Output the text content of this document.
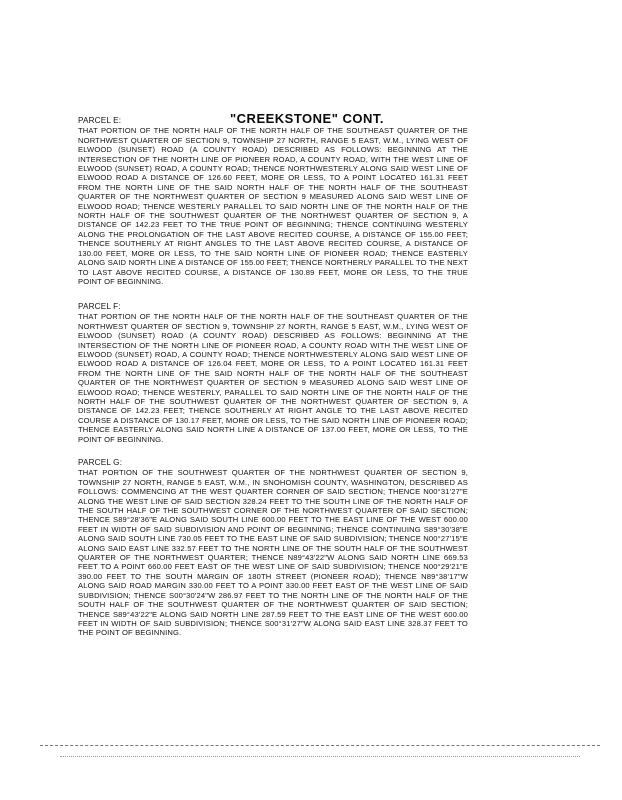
"CREEKSTONE" CONT.
PARCEL E:
THAT PORTION OF THE NORTH HALF OF THE NORTH HALF OF THE SOUTHEAST QUARTER OF THE NORTHWEST QUARTER OF SECTION 9, TOWNSHIP 27 NORTH, RANGE 5 EAST, W.M., LYING WEST OF ELWOOD (SUNSET) ROAD (A COUNTY ROAD) DESCRIBED AS FOLLOWS: BEGINNING AT THE INTERSECTION OF THE NORTH LINE OF PIONEER ROAD, A COUNTY ROAD, WITH THE WEST LINE OF ELWOOD (SUNSET) ROAD, A COUNTY ROAD; THENCE NORTHWESTERLY ALONG SAID WEST LINE OF ELWOOD ROAD A DISTANCE OF 126.60 FEET, MORE OR LESS, TO A POINT LOCATED 161.31 FEET FROM THE NORTH LINE OF THE SAID NORTH HALF OF THE NORTH HALF OF THE SOUTHEAST QUARTER OF THE NORTHWEST QUARTER OF SECTION 9 MEASURED ALONG SAID WEST LINE OF ELWOOD ROAD; THENCE WESTERLY PARALLEL TO SAID NORTH LINE OF THE NORTH HALF OF THE NORTH HALF OF THE SOUTHWEST QUARTER OF THE NORTHWEST QUARTER OF SECTION 9, A DISTANCE OF 142.23 FEET TO THE TRUE POINT OF BEGINNING; THENCE CONTINUING WESTERLY ALONG THE PROLONGATION OF THE LAST ABOVE RECITED COURSE, A DISTANCE OF 155.00 FEET; THENCE SOUTHERLY AT RIGHT ANGLES TO THE LAST ABOVE RECITED COURSE, A DISTANCE OF 130.00 FEET, MORE OR LESS, TO THE SAID NORTH LINE OF PIONEER ROAD; THENCE EASTERLY ALONG SAID NORTH LINE A DISTANCE OF 155.00 FEET; THENCE NORTHERLY PARALLEL TO THE NEXT TO LAST ABOVE RECITED COURSE, A DISTANCE OF 130.89 FEET, MORE OR LESS, TO THE TRUE POINT OF BEGINNING.
PARCEL F:
THAT PORTION OF THE NORTH HALF OF THE NORTH HALF OF THE SOUTHEAST QUARTER OF THE NORTHWEST QUARTER OF SECTION 9, TOWNSHIP 27 NORTH, RANGE 5 EAST, W.M., LYING WEST OF ELWOOD (SUNSET) ROAD (A COUNTY ROAD) DESCRIBED AS FOLLOWS: BEGINNING AT THE INTERSECTION OF THE NORTH LINE OF PIONEER ROAD, A COUNTY ROAD WITH THE WEST LINE OF ELWOOD (SUNSET) ROAD, A COUNTY ROAD; THENCE NORTHWESTERLY ALONG SAID WEST LINE OF ELWOOD ROAD A DISTANCE OF 126.04 FEET, MORE OR LESS, TO A POINT LOCATED 161.31 FEET FROM THE NORTH LINE OF THE SAID NORTH HALF OF THE NORTH HALF OF THE SOUTHEAST QUARTER OF THE NORTHWEST QUARTER OF SECTION 9 MEASURED ALONG SAID WEST LINE OF ELWOOD ROAD; THENCE WESTERLY, PARALLEL TO SAID NORTH LINE OF THE NORTH HALF OF THE NORTH HALF OF THE SOUTHWEST QUARTER OF THE NORTHWEST QUARTER OF SECTION 9, A DISTANCE OF 142.23 FEET; THENCE SOUTHERLY AT RIGHT ANGLE TO THE LAST ABOVE RECITED COURSE A DISTANCE OF 130.17 FEET, MORE OR LESS, TO THE SAID NORTH LINE OF PIONEER ROAD; THENCE EASTERLY ALONG SAID NORTH LINE A DISTANCE OF 137.00 FEET, MORE OR LESS, TO THE POINT OF BEGINNING.
PARCEL G:
THAT PORTION OF THE SOUTHWEST QUARTER OF THE NORTHWEST QUARTER OF SECTION 9, TOWNSHIP 27 NORTH, RANGE 5 EAST, W.M., IN SNOHOMISH COUNTY, WASHINGTON, DESCRIBED AS FOLLOWS: COMMENCING AT THE WEST QUARTER CORNER OF SAID SECTION; THENCE N00°31'27"E ALONG THE WEST LINE OF SAID SECTION 328.24 FEET TO THE SOUTH LINE OF THE NORTH HALF OF THE SOUTH HALF OF THE SOUTHWEST CORNER OF THE NORTHWEST QUARTER OF SAID SECTION; THENCE S89°28'36"E ALONG SAID SOUTH LINE 600.00 FEET TO THE EAST LINE OF THE WEST 600.00 FEET IN WIDTH OF SAID SUBDIVISION AND POINT OF BEGINNING; THENCE CONTINUING S89°30'38"E ALONG SAID SOUTH LINE 730.05 FEET TO THE EAST LINE OF SAID SUBDIVISION; THENCE N00°27'15"E ALONG SAID EAST LINE 332.57 FEET TO THE NORTH LINE OF THE SOUTH HALF OF THE SOUTHWEST QUARTER OF THE NORTHWEST QUARTER; THENCE N89°43'22"W ALONG SAID NORTH LINE 669.53 FEET TO A POINT 660.00 FEET EAST OF THE WEST LINE OF SAID SUBDIVISION; THENCE N00°29'21"E 390.00 FEET TO THE SOUTH MARGIN OF 180TH STREET (PIONEER ROAD); THENCE N89°38'17"W ALONG SAID ROAD MARGIN 330.00 FEET TO A POINT 330.00 FEET EAST OF THE WEST LINE OF SAID SUBDIVISION; THENCE S00°30'24"W 286.97 FEET TO THE NORTH LINE OF THE NORTH HALF OF THE SOUTH HALF OF THE SOUTHWEST QUARTER OF THE NORTHWEST QUARTER OF SAID SECTION; THENCE S89°43'22"E ALONG SAID NORTH LINE 287.59 FEET TO THE EAST LINE OF THE WEST 600.00 FEET IN WIDTH OF SAID SUBDIVISION; THENCE S00°31'27"W ALONG SAID EAST LINE 328.37 FEET TO THE POINT OF BEGINNING.
